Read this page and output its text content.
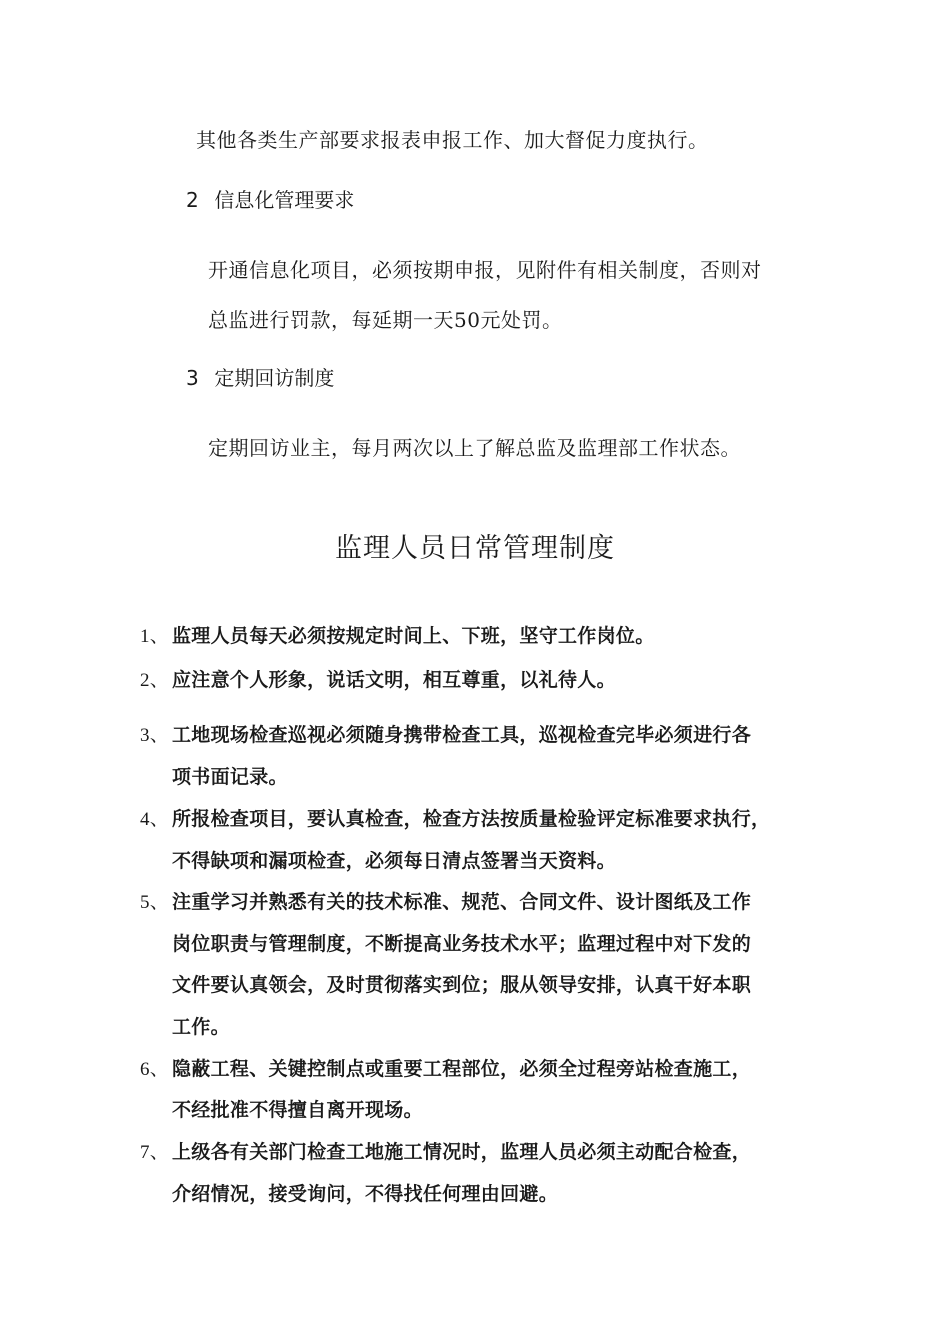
其他各类生产部要求报表申报工作、加大督促力度执行。
2 信息化管理要求
开通信息化项目，必须按期申报，见附件有相关制度，否则对
总监进行罚款，每延期一天50元处罚。
3 定期回访制度
定期回访业主，每月两次以上了解总监及监理部工作状态。
监理人员日常管理制度
1、 监理人员每天必须按规定时间上、下班，坚守工作岗位。
2、 应注意个人形象，说话文明，相互尊重，以礼待人。
3、 工地现场检查巡视必须随身携带检查工具，巡视检查完毕必须进行各
项书面记录。
4、 所报检查项目，要认真检查，检查方法按质量检验评定标准要求执行，
不得缺项和漏项检查，必须每日清点签署当天资料。
5、 注重学习并熟悉有关的技术标准、规范、合同文件、设计图纸及工作
岗位职责与管理制度，不断提高业务技术水平；监理过程中对下发的
文件要认真领会，及时贯彻落实到位；服从领导安排，认真干好本职
工作。
6、 隐蔽工程、关键控制点或重要工程部位，必须全过程旁站检查施工，
不经批准不得擅自离开现场。
7、 上级各有关部门检查工地施工情况时，监理人员必须主动配合检查，
介绍情况，接受询问，不得找任何理由回避。
